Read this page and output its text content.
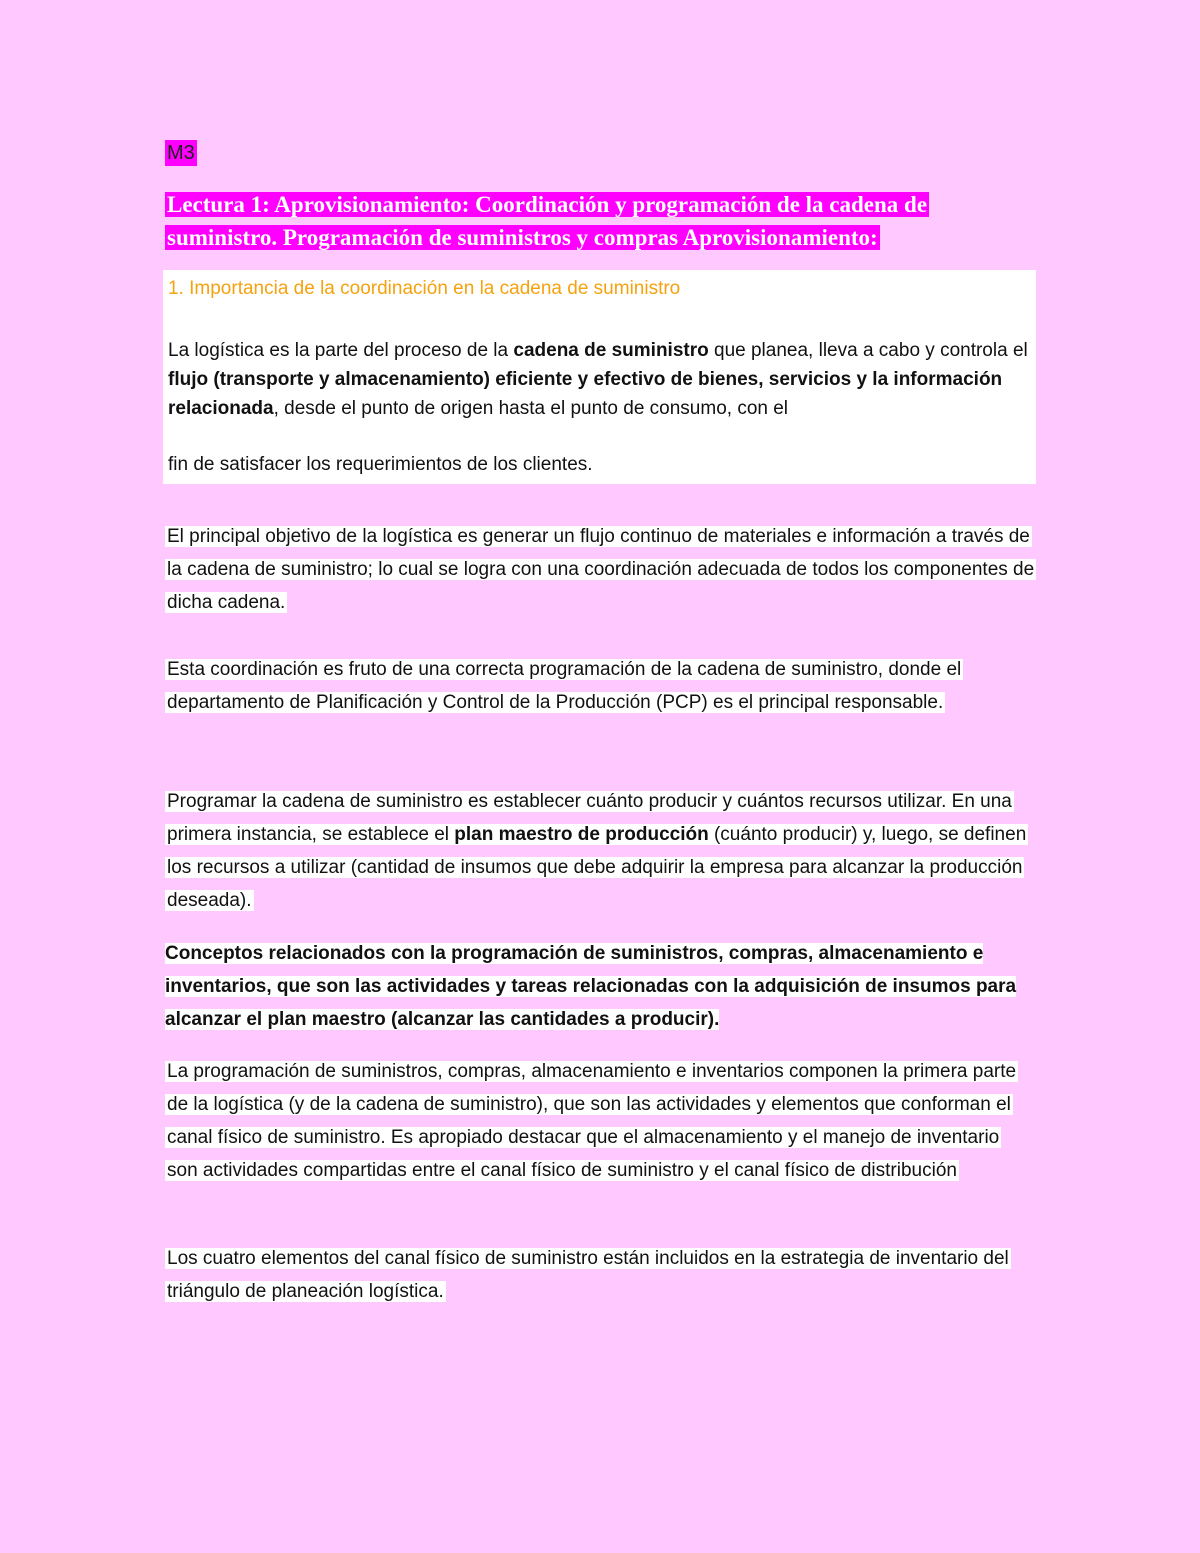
M3
Lectura 1: Aprovisionamiento: Coordinación y programación de la cadena de suministro. Programación de suministros y compras Aprovisionamiento:
1. Importancia de la coordinación en la cadena de suministro

La logística es la parte del proceso de la cadena de suministro que planea, lleva a cabo y controla el flujo (transporte y almacenamiento) eficiente y efectivo de bienes, servicios y la información relacionada, desde el punto de origen hasta el punto de consumo, con el

fin de satisfacer los requerimientos de los clientes.

El principal objetivo de la logística es generar un flujo continuo de materiales e información a través de la cadena de suministro; lo cual se logra con una coordinación adecuada de todos los componentes de dicha cadena.

Esta coordinación es fruto de una correcta programación de la cadena de suministro, donde el departamento de Planificación y Control de la Producción (PCP) es el principal responsable.

Programar la cadena de suministro es establecer cuánto producir y cuántos recursos utilizar. En una primera instancia, se establece el plan maestro de producción (cuánto producir) y, luego, se definen los recursos a utilizar (cantidad de insumos que debe adquirir la empresa para alcanzar la producción deseada).

Conceptos relacionados con la programación de suministros, compras, almacenamiento e inventarios, que son las actividades y tareas relacionadas con la adquisición de insumos para alcanzar el plan maestro (alcanzar las cantidades a producir).

La programación de suministros, compras, almacenamiento e inventarios componen la primera parte de la logística (y de la cadena de suministro), que son las actividades y elementos que conforman el canal físico de suministro. Es apropiado destacar que el almacenamiento y el manejo de inventario son actividades compartidas entre el canal físico de suministro y el canal físico de distribución

Los cuatro elementos del canal físico de suministro están incluidos en la estrategia de inventario del triángulo de planeación logística.
